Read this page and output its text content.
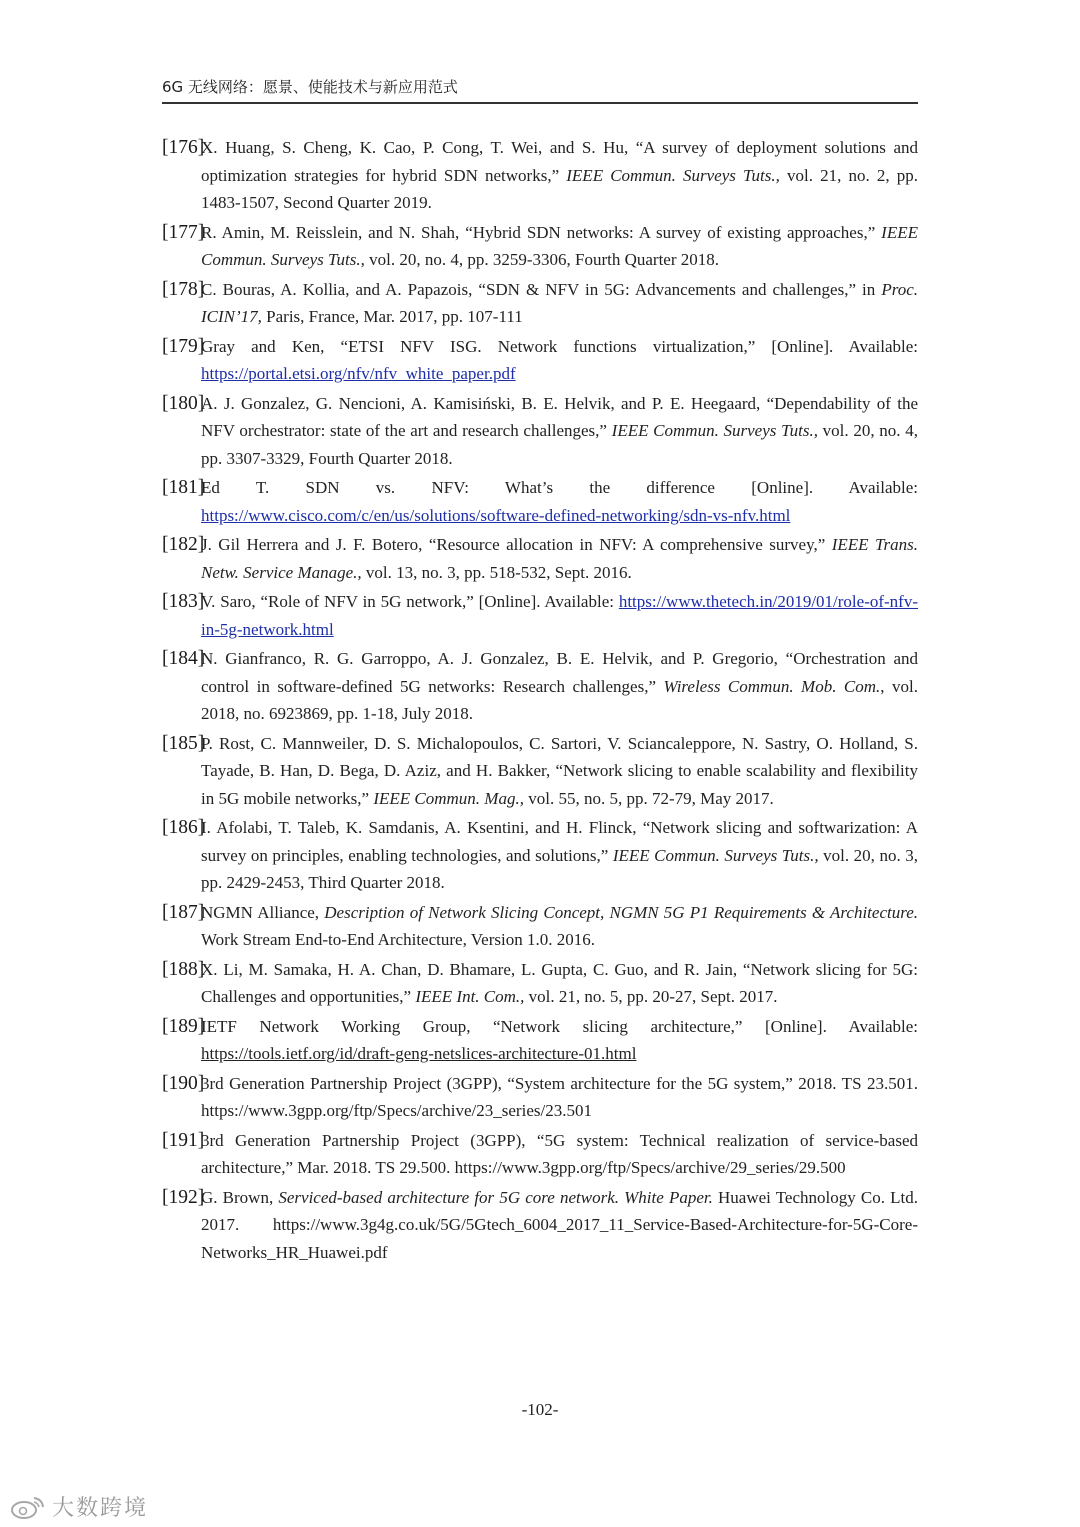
6G 无线网络：愿景、使能技术与新应用范式
[176]
X. Huang, S. Cheng, K. Cao, P. Cong, T. Wei, and S. Hu, “A survey of deployment solutions and optimization strategies for hybrid SDN networks,” IEEE Commun. Surveys Tuts., vol. 21, no. 2, pp. 1483-1507, Second Quarter 2019.
[177]
R. Amin, M. Reisslein, and N. Shah, “Hybrid SDN networks: A survey of existing approaches,” IEEE Commun. Surveys Tuts., vol. 20, no. 4, pp. 3259-3306, Fourth Quarter 2018.
[178]
C. Bouras, A. Kollia, and A. Papazois, “SDN & NFV in 5G: Advancements and challenges,” in Proc. ICIN’17, Paris, France, Mar. 2017, pp. 107-111
[179]
Gray and Ken, “ETSI NFV ISG. Network functions virtualization,” [Online]. Available: https://portal.etsi.org/nfv/nfv_white_paper.pdf
[180]
A. J. Gonzalez, G. Nencioni, A. Kamisiński, B. E. Helvik, and P. E. Heegaard, “Dependability of the NFV orchestrator: state of the art and research challenges,” IEEE Commun. Surveys Tuts., vol. 20, no. 4, pp. 3307-3329, Fourth Quarter 2018.
[181]
Ed T. SDN vs. NFV: What’s the difference [Online]. Available: https://www.cisco.com/c/en/us/solutions/software-defined-networking/sdn-vs-nfv.html
[182]
J. Gil Herrera and J. F. Botero, “Resource allocation in NFV: A comprehensive survey,” IEEE Trans. Netw. Service Manage., vol. 13, no. 3, pp. 518-532, Sept. 2016.
[183]
V. Saro, “Role of NFV in 5G network,” [Online]. Available: https://www.thetech.in/2019/01/role-of-nfv-in-5g-network.html
[184]
N. Gianfranco, R. G. Garroppo, A. J. Gonzalez, B. E. Helvik, and P. Gregorio, “Orchestration and control in software-defined 5G networks: Research challenges,” Wireless Commun. Mob. Com., vol. 2018, no. 6923869, pp. 1-18, July 2018.
[185]
P. Rost, C. Mannweiler, D. S. Michalopoulos, C. Sartori, V. Sciancaleppore, N. Sastry, O. Holland, S. Tayade, B. Han, D. Bega, D. Aziz, and H. Bakker, “Network slicing to enable scalability and flexibility in 5G mobile networks,” IEEE Commun. Mag., vol. 55, no. 5, pp. 72-79, May 2017.
[186]
I. Afolabi, T. Taleb, K. Samdanis, A. Ksentini, and H. Flinck, “Network slicing and softwarization: A survey on principles, enabling technologies, and solutions,” IEEE Commun. Surveys Tuts., vol. 20, no. 3, pp. 2429-2453, Third Quarter 2018.
[187]
NGMN Alliance, Description of Network Slicing Concept, NGMN 5G P1 Requirements & Architecture. Work Stream End-to-End Architecture, Version 1.0. 2016.
[188]
X. Li, M. Samaka, H. A. Chan, D. Bhamare, L. Gupta, C. Guo, and R. Jain, “Network slicing for 5G: Challenges and opportunities,” IEEE Int. Com., vol. 21, no. 5, pp. 20-27, Sept. 2017.
[189]
IETF Network Working Group, “Network slicing architecture,” [Online]. Available: https://tools.ietf.org/id/draft-geng-netslices-architecture-01.html
[190]
3rd Generation Partnership Project (3GPP), “System architecture for the 5G system,” 2018. TS 23.501. https://www.3gpp.org/ftp/Specs/archive/23_series/23.501
[191]
3rd Generation Partnership Project (3GPP), “5G system: Technical realization of service-based architecture,” Mar. 2018. TS 29.500. https://www.3gpp.org/ftp/Specs/archive/29_series/29.500
[192]
G. Brown, Serviced-based architecture for 5G core network. White Paper. Huawei Technology Co. Ltd. 2017. https://www.3g4g.co.uk/5G/5Gtech_6004_2017_11_Service-Based-Architecture-for-5G-Core-Networks_HR_Huawei.pdf
-102-
大数跨境
